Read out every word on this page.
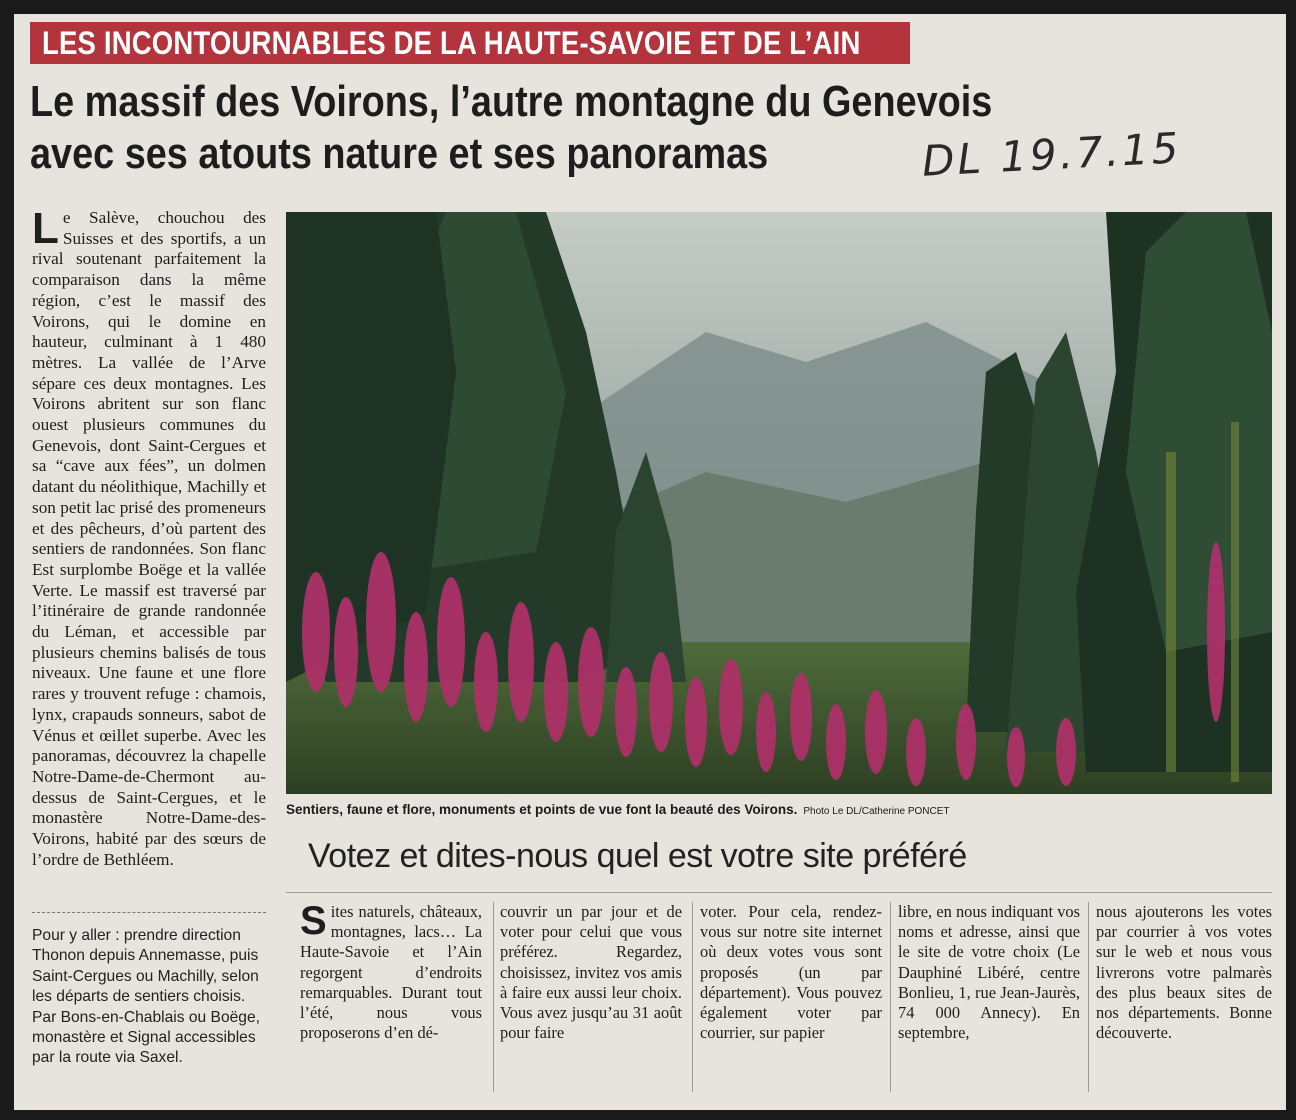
LES INCONTOURNABLES DE LA HAUTE-SAVOIE ET DE L’AIN
Le massif des Voirons, l’autre montagne du Genevois
avec ses atouts nature et ses panoramas	DL 19.7.15
Le Salève, chouchou des Suisses et des sportifs, a un rival soutenant parfaitement la comparaison dans la même région, c’est le massif des Voirons, qui le domine en hauteur, culminant à 1 480 mètres. La vallée de l’Arve sépare ces deux montagnes. Les Voirons abritent sur son flanc ouest plusieurs communes du Genevois, dont Saint-Cergues et sa “cave aux fées”, un dolmen datant du néolithique, Machilly et son petit lac prisé des promeneurs et des pêcheurs, d’où partent des sentiers de randonnées. Son flanc Est surplombe Boëge et la vallée Verte. Le massif est traversé par l’itinéraire de grande randonnée du Léman, et accessible par plusieurs chemins balisés de tous niveaux. Une faune et une flore rares y trouvent refuge : chamois, lynx, crapauds sonneurs, sabot de Vénus et œillet superbe. Avec les panoramas, découvrez la chapelle Notre-Dame-de-Chermont au-dessus de Saint-Cergues, et le monastère Notre-Dame-des-Voirons, habité par des sœurs de l’ordre de Bethléem.
Pour y aller : prendre direction Thonon depuis Annemasse, puis Saint-Cergues ou Machilly, selon les départs de sentiers choisis. Par Bons-en-Chablais ou Boëge, monastère et Signal accessibles par la route via Saxel.
Sentiers, faune et flore, monuments et points de vue font la beauté des Voirons. Photo Le DL/Catherine PONCET
Votez et dites-nous quel est votre site préféré
Sites naturels, châteaux, montagnes, lacs… La Haute-Savoie et l’Ain regorgent d’endroits remarquables. Durant tout l’été, nous vous proposerons d’en dé-
couvrir un par jour et de voter pour celui que vous préférez. Regardez, choisissez, invitez vos amis à faire eux aussi leur choix. Vous avez jusqu’au 31 août pour faire
voter. Pour cela, rendez-vous sur notre site internet où deux votes vous sont proposés (un par département). Vous pouvez également voter par courrier, sur papier
libre, en nous indiquant vos noms et adresse, ainsi que le site de votre choix (Le Dauphiné Libéré, centre Bonlieu, 1, rue Jean-Jaurès, 74 000 Annecy). En septembre,
nous ajouterons les votes par courrier à vos votes sur le web et nous vous livrerons votre palmarès des plus beaux sites de nos départements. Bonne découverte.
